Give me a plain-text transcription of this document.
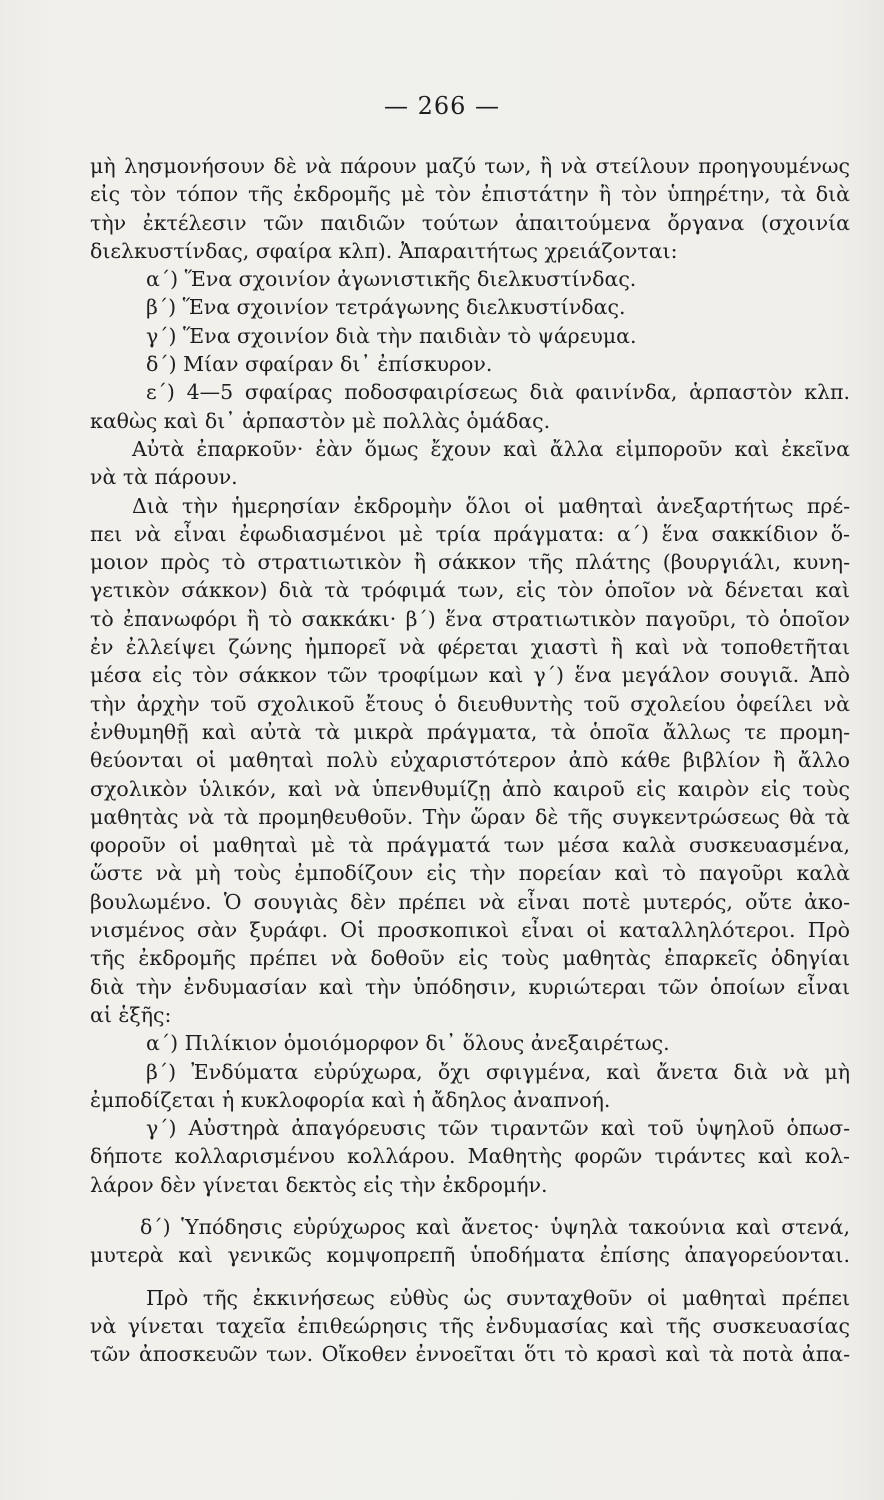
— 266 —
μὴ λησμονήσουν δὲ νὰ πάρουν μαζύ των, ἢ νὰ στείλουν προηγουμένως
εἰς τὸν τόπον τῆς ἐκδρομῆς μὲ τὸν ἐπιστάτην ἢ τὸν ὑπηρέτην, τὰ διὰ
τὴν ἐκτέλεσιν τῶν παιδιῶν τούτων ἀπαιτούμενα ὄργανα (σχοινία
διελκυστίνδας, σφαίρα κλπ). Ἀπαραιτήτως χρειάζονται:
α΄) Ἕνα σχοινίον ἀγωνιστικῆς διελκυστίνδας.
β΄) Ἕνα σχοινίον τετράγωνης διελκυστίνδας.
γ΄) Ἕνα σχοινίον διὰ τὴν παιδιὰν τὸ ψάρευμα.
δ΄) Μίαν σφαίραν δι᾽ ἐπίσκυρον.
ε΄) 4—5 σφαίρας ποδοσφαιρίσεως διὰ φαινίνδα, ἁρπαστὸν κλπ.
καθὼς καὶ δι᾽ ἁρπαστὸν μὲ πολλὰς ὁμάδας.
Αὐτὰ ἐπαρκοῦν· ἐὰν ὅμως ἔχουν καὶ ἄλλα εἰμποροῦν καὶ ἐκεῖνα
νὰ τὰ πάρουν.
Διὰ τὴν ἡμερησίαν ἐκδρομὴν ὅλοι οἱ μαθηταὶ ἀνεξαρτήτως πρέ-
πει νὰ εἶναι ἐφωδιασμένοι μὲ τρία πράγματα: α΄) ἕνα σακκίδιον ὅ-
μοιον πρὸς τὸ στρατιωτικὸν ἢ σάκκον τῆς πλάτης (βουργιάλι, κυνη-
γετικὸν σάκκον) διὰ τὰ τρόφιμά των, εἰς τὸν ὁποῖον νὰ δένεται καὶ
τὸ ἐπανωφόρι ἢ τὸ σακκάκι· β΄) ἕνα στρατιωτικὸν παγοῦρι, τὸ ὁποῖον
ἐν ἐλλείψει ζώνης ἠμπορεῖ νὰ φέρεται χιαστὶ ἢ καὶ νὰ τοποθετῆται
μέσα εἰς τὸν σάκκον τῶν τροφίμων καὶ γ΄) ἕνα μεγάλον σουγιᾶ. Ἀπὸ
τὴν ἀρχὴν τοῦ σχολικοῦ ἔτους ὁ διευθυντὴς τοῦ σχολείου ὀφείλει νὰ
ἐνθυμηθῇ καὶ αὐτὰ τὰ μικρὰ πράγματα, τὰ ὁποῖα ἄλλως τε προμη-
θεύονται οἱ μαθηταὶ πολὺ εὐχαριστότερον ἀπὸ κάθε βιβλίον ἢ ἄλλο
σχολικὸν ὑλικόν, καὶ νὰ ὑπενθυμίζῃ ἀπὸ καιροῦ εἰς καιρὸν εἰς τοὺς
μαθητὰς νὰ τὰ προμηθευθοῦν. Τὴν ὥραν δὲ τῆς συγκεντρώσεως θὰ τὰ
φοροῦν οἱ μαθηταὶ μὲ τὰ πράγματά των μέσα καλὰ συσκευασμένα,
ὥστε νὰ μὴ τοὺς ἐμποδίζουν εἰς τὴν πορείαν καὶ τὸ παγοῦρι καλὰ
βουλωμένο. Ὁ σουγιὰς δὲν πρέπει νὰ εἶναι ποτὲ μυτερός, οὔτε ἀκο-
νισμένος σὰν ξυράφι. Οἱ προσκοπικοὶ εἶναι οἱ καταλληλότεροι. Πρὸ
τῆς ἐκδρομῆς πρέπει νὰ δοθοῦν εἰς τοὺς μαθητὰς ἐπαρκεῖς ὁδηγίαι
διὰ τὴν ἐνδυμασίαν καὶ τὴν ὑπόδησιν, κυριώτεραι τῶν ὁποίων εἶναι
αἱ ἑξῆς:
α΄) Πιλίκιον ὁμοιόμορφον δι᾽ ὅλους ἀνεξαιρέτως.
β΄) Ἐνδύματα εὐρύχωρα, ὄχι σφιγμένα, καὶ ἄνετα διὰ νὰ μὴ
ἐμποδίζεται ἡ κυκλοφορία καὶ ἡ ἄδηλος ἀναπνοή.
γ΄) Αὐστηρὰ ἀπαγόρευσις τῶν τιραντῶν καὶ τοῦ ὑψηλοῦ ὁπωσ-
δήποτε κολλαρισμένου κολλάρου. Μαθητὴς φορῶν τιράντες καὶ κολ-
λάρον δὲν γίνεται δεκτὸς εἰς τὴν ἐκδρομήν.
δ΄) Ὑπόδησις εὐρύχωρος καὶ ἄνετος· ὑψηλὰ τακούνια καὶ στενά,
μυτερὰ καὶ γενικῶς κομψοπρεπῆ ὑποδήματα ἐπίσης ἀπαγορεύονται.
Πρὸ τῆς ἐκκινήσεως εὐθὺς ὡς συνταχθοῦν οἱ μαθηταὶ πρέπει
νὰ γίνεται ταχεῖα ἐπιθεώρησις τῆς ἐνδυμασίας καὶ τῆς συσκευασίας
τῶν ἀποσκευῶν των. Οἴκοθεν ἐννοεῖται ὅτι τὸ κρασὶ καὶ τὰ ποτὰ ἀπα-
